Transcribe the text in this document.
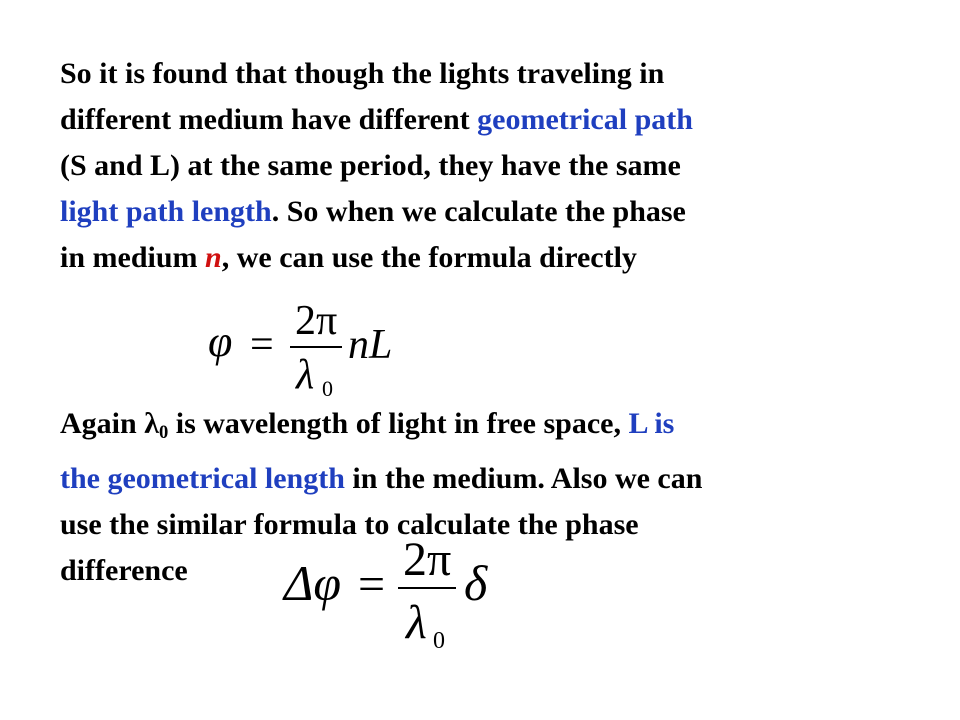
So it is found that though the lights traveling in
different medium have different geometrical path
(S and L) at the same period, they have the same
light path length. So when we calculate the phase
in medium n, we can use the formula directly

φ =
2π
λ 0
nL

Again $\lambda_0$ is wavelength of light in free space, L is
the geometrical length in the medium. Also we can
use the similar formula to calculate the phase
difference	Δφ = 2π
λ 0
δ
